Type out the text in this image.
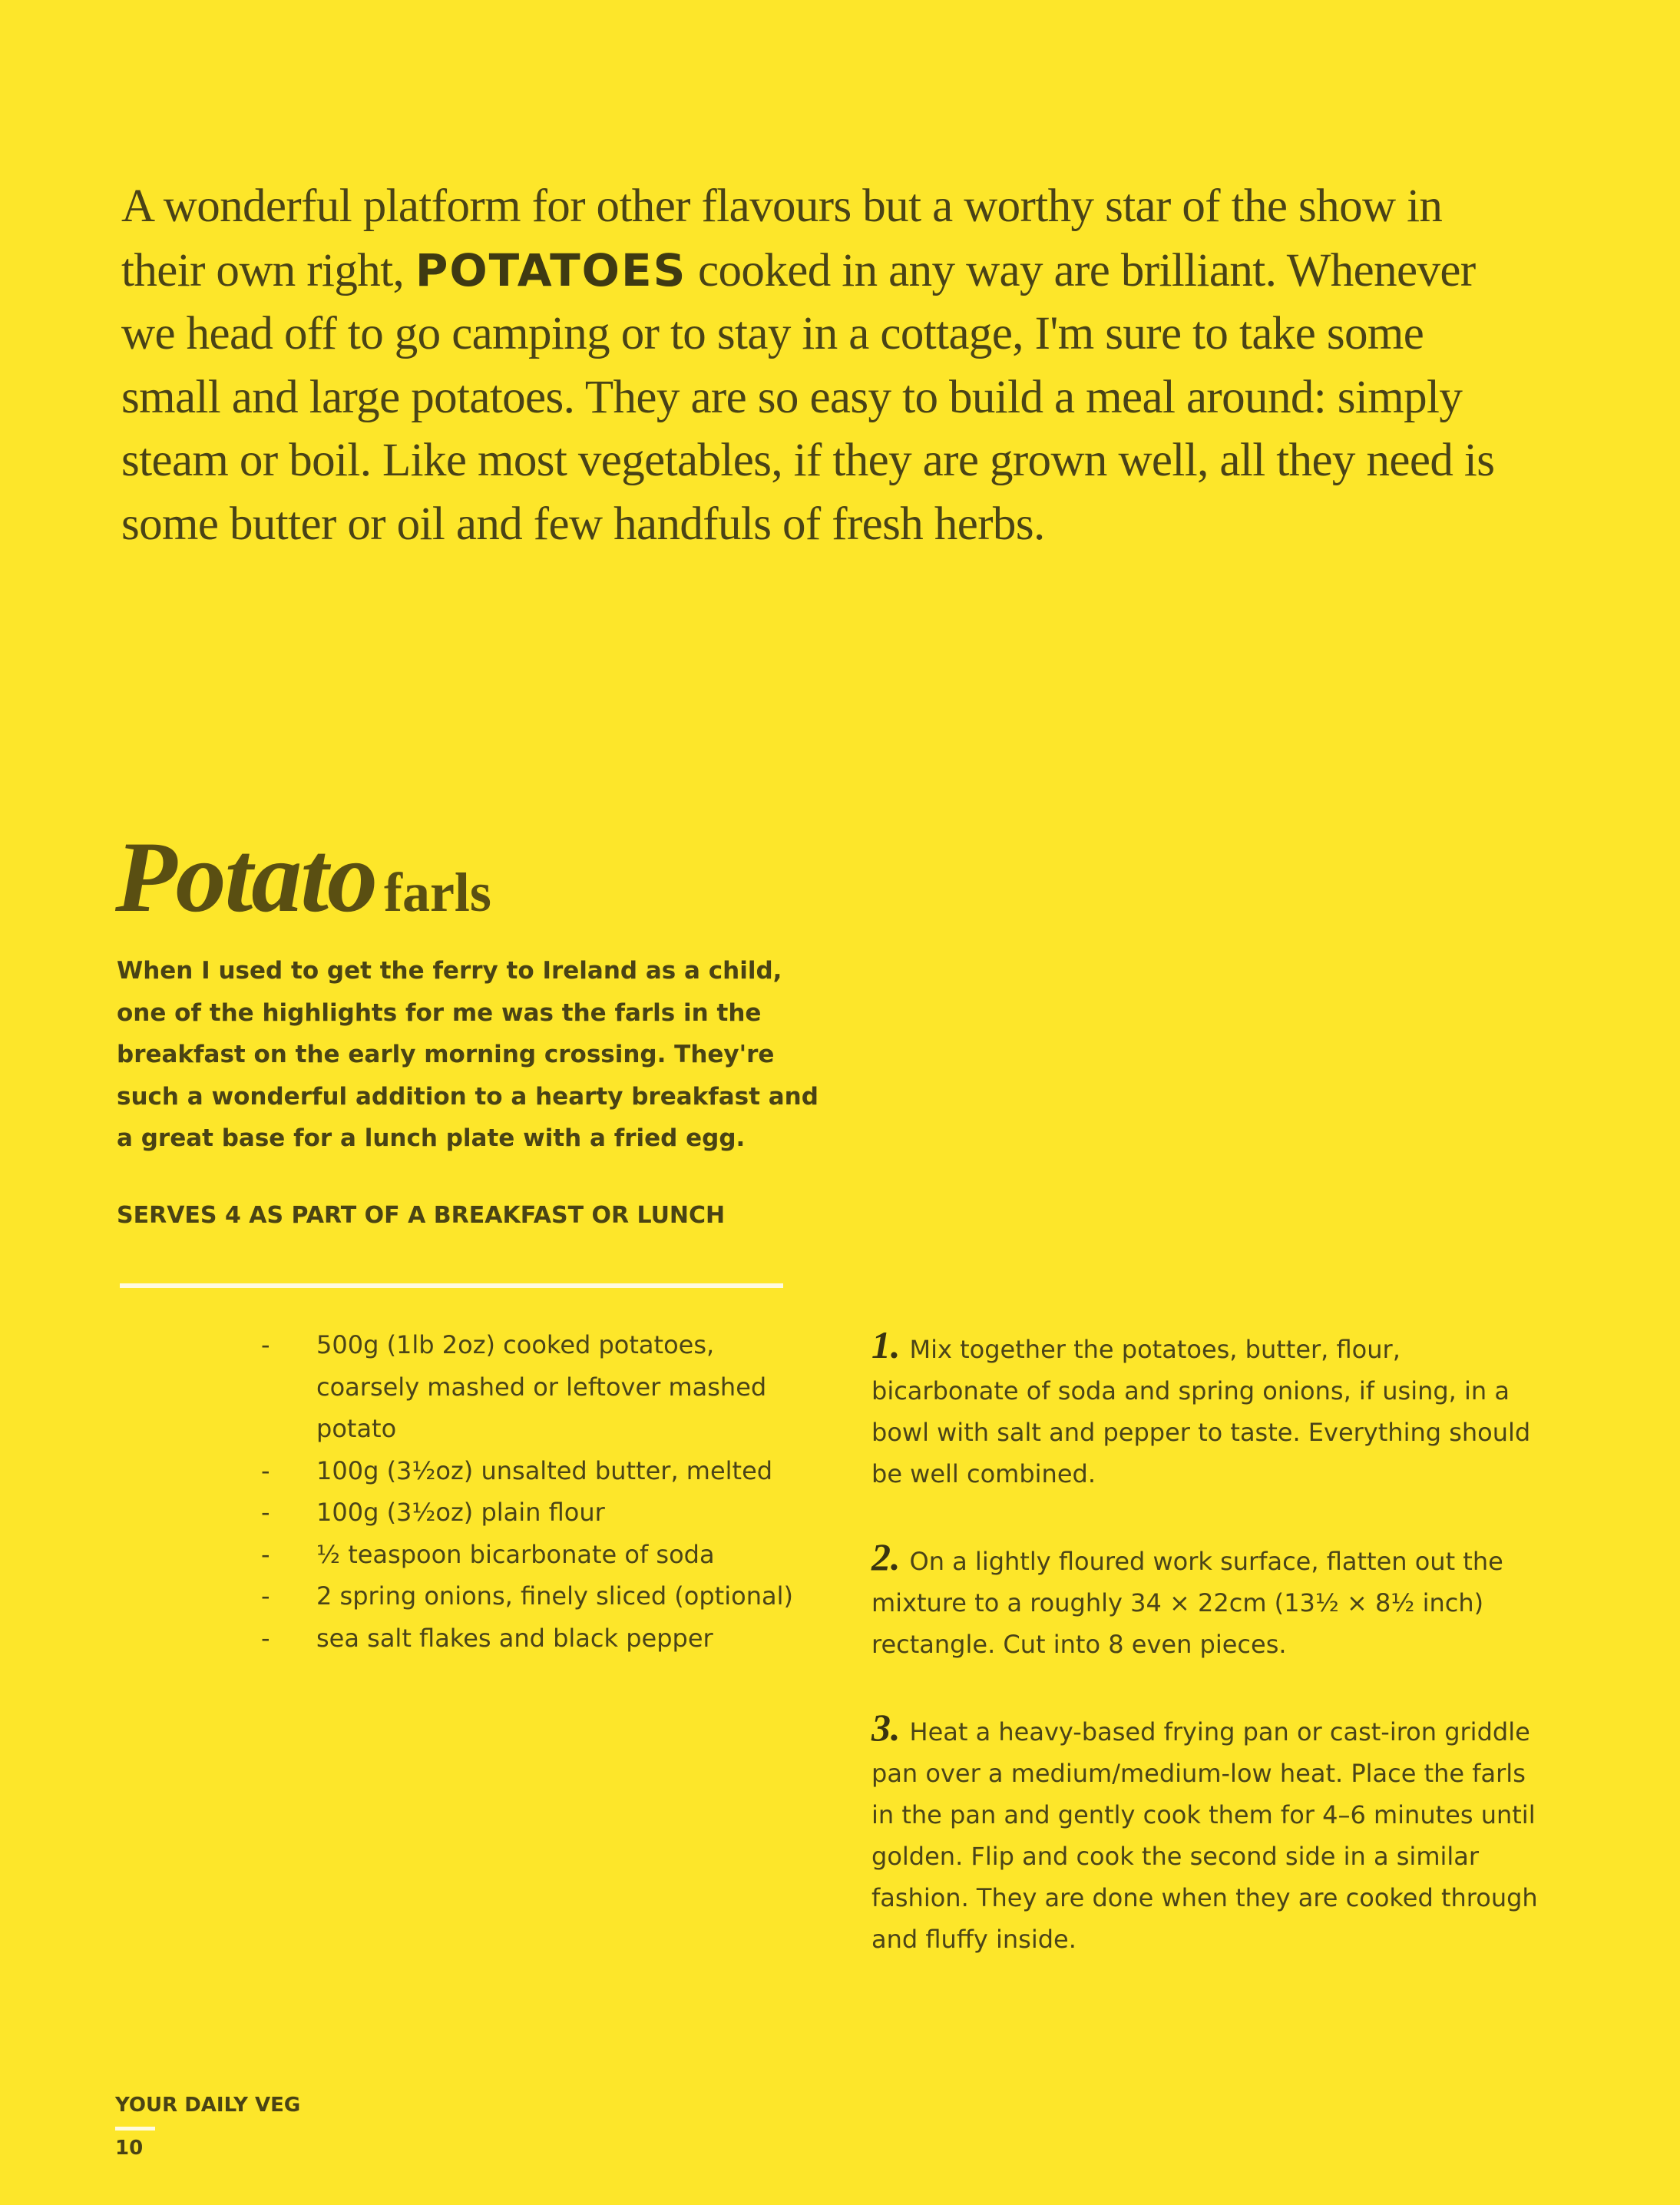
A wonderful platform for other flavours but a worthy star of the show in their own right, POTATOES cooked in any way are brilliant. Whenever we head off to go camping or to stay in a cottage, I'm sure to take some small and large potatoes. They are so easy to build a meal around: simply steam or boil. Like most vegetables, if they are grown well, all they need is some butter or oil and few handfuls of fresh herbs.

Potato farls

When I used to get the ferry to Ireland as a child, one of the highlights for me was the farls in the breakfast on the early morning crossing. They're such a wonderful addition to a hearty breakfast and a great base for a lunch plate with a fried egg.

SERVES 4 AS PART OF A BREAKFAST OR LUNCH
- 500g (1lb 2oz) cooked potatoes, coarsely mashed or leftover mashed potato
- 100g (3½oz) unsalted butter, melted
- 100g (3½oz) plain flour
- ½ teaspoon bicarbonate of soda
- 2 spring onions, finely sliced (optional)
- sea salt flakes and black pepper
1. Mix together the potatoes, butter, flour, bicarbonate of soda and spring onions, if using, in a bowl with salt and pepper to taste. Everything should be well combined.
2. On a lightly floured work surface, flatten out the mixture to a roughly 34 × 22cm (13½ × 8½ inch) rectangle. Cut into 8 even pieces.
3. Heat a heavy-based frying pan or cast-iron griddle pan over a medium/medium-low heat. Place the farls in the pan and gently cook them for 4–6 minutes until golden. Flip and cook the second side in a similar fashion. They are done when they are cooked through and fluffy inside.
YOUR DAILY VEG
10
